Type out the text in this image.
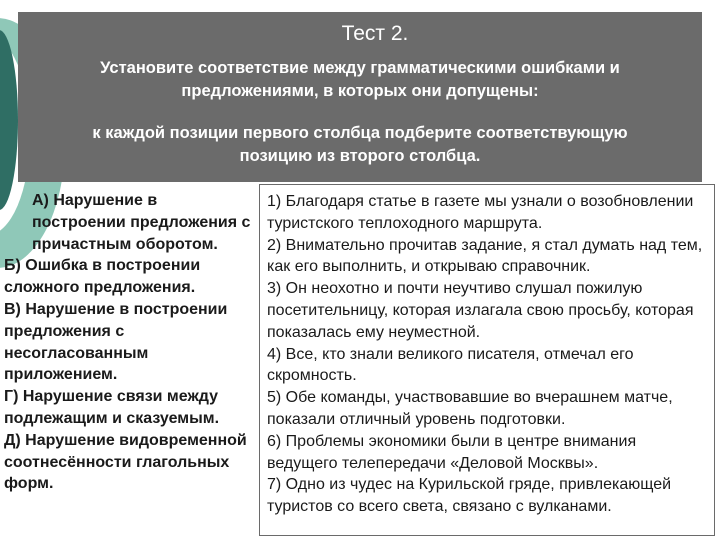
Тест 2.
Установите соответствие между грамматическими ошибками и предложениями, в которых они допущены:
к каждой позиции первого столбца подберите соответствующую позицию из второго столбца.

А) Нарушение в построении предложения с причастным оборотом.

Б) Ошибка в построении сложного предложения.

В) Нарушение в построении предложения с несогласованным приложением.

Г) Нарушение связи между подлежащим и сказуемым.

Д) Нарушение видовременной соотнесённости глагольных форм.

1) Благодаря статье в газете мы узнали о возобновлении туристского теплоходного маршрута.

2) Внимательно прочитав задание, я стал думать над тем, как его выполнить, и открываю справочник.

3) Он неохотно и почти неучтиво слушал пожилую посетительницу, которая излагала свою просьбу, которая показалась ему неуместной.

4) Все, кто знали великого писателя, отмечал его скромность.

5) Обе команды, участвовавшие во вчерашнем матче, показали отличный уровень подготовки.

6) Проблемы экономики были в центре внимания ведущего телепередачи «Деловой Москвы».

7) Одно из чудес на Курильской гряде, привлекающей туристов со всего света, связано с вулканами.
